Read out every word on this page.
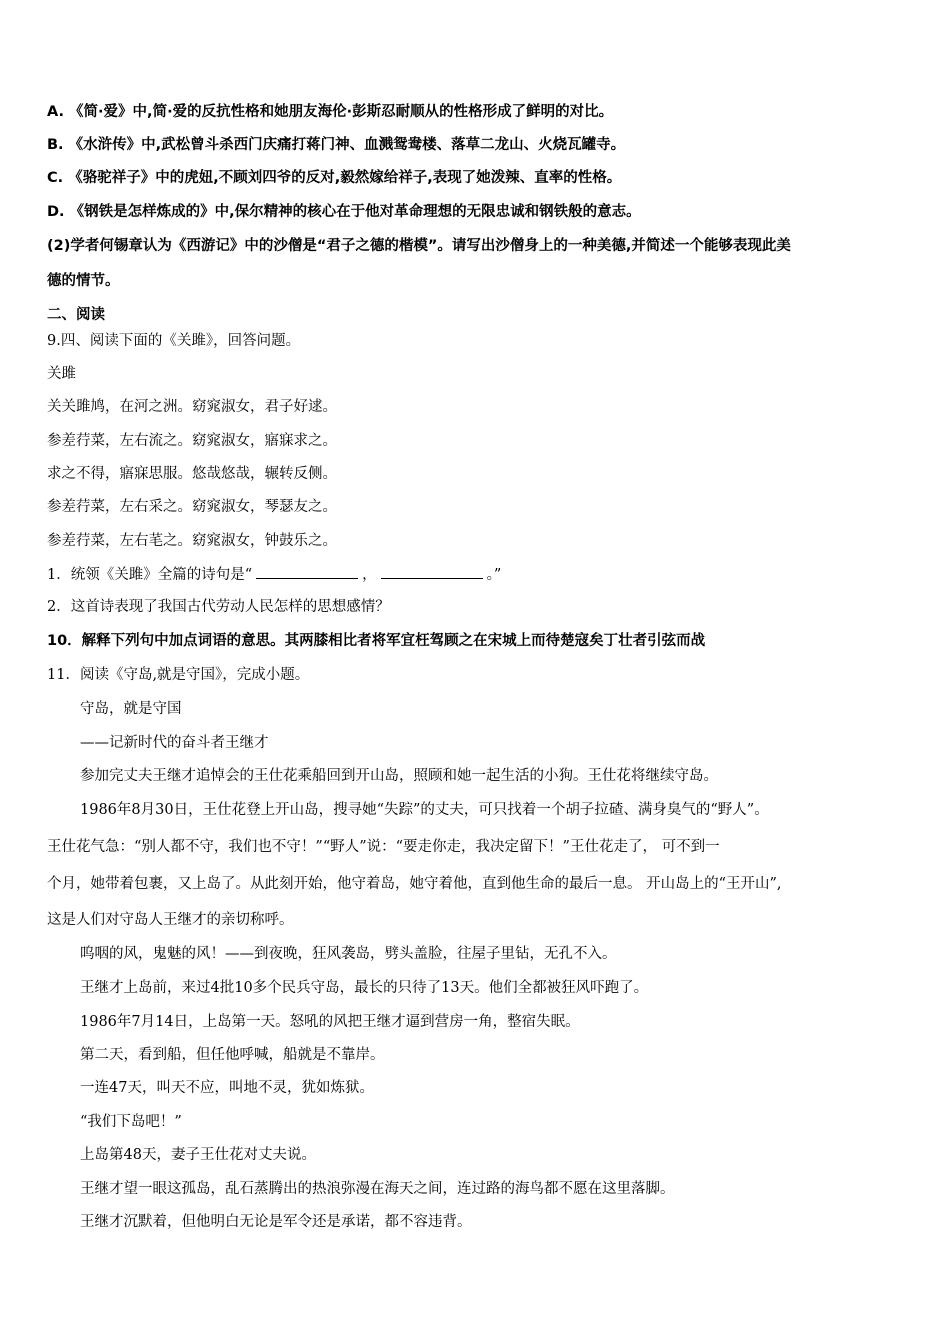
A. 《简·爱》中,简·爱的反抗性格和她朋友海伦·彭斯忍耐顺从的性格形成了鲜明的对比。
B. 《水浒传》中,武松曾斗杀西门庆痛打蒋门神、血溅鸳鸯楼、落草二龙山、火烧瓦罐寺。
C. 《骆驼祥子》中的虎妞,不顾刘四爷的反对,毅然嫁给祥子,表现了她泼辣、直率的性格。
D. 《钢铁是怎样炼成的》中,保尔精神的核心在于他对革命理想的无限忠诚和钢铁般的意志。
(2)学者何锡章认为《西游记》中的沙僧是“君子之德的楷模”。请写出沙僧身上的一种美德,并简述一个能够表现此美
德的情节。
二、阅读
9.四、阅读下面的《关雎》，回答问题。
关雎
关关雎鸠，在河之洲。窈窕淑女，君子好逑。
参差荇菜，左右流之。窈窕淑女，寤寐求之。
求之不得，寤寐思服。悠哉悠哉，辗转反侧。
参差荇菜，左右采之。窈窕淑女，琴瑟友之。
参差荇菜，左右芼之。窈窕淑女，钟鼓乐之。
1．统领《关雎》全篇的诗句是“	，	。”
2．这首诗表现了我国古代劳动人民怎样的思想感情？
10．解释下列句中加点词语的意思。其两膝相比者将军宜枉驾顾之在宋城上而待楚寇矣丁壮者引弦而战
11．阅读《守岛,就是守国》，完成小题。
守岛，就是守国
——记新时代的奋斗者王继才
参加完丈夫王继才追悼会的王仕花乘船回到开山岛，照顾和她一起生活的小狗。王仕花将继续守岛。
1986年8月30日，王仕花登上开山岛，搜寻她“失踪”的丈夫，可只找着一个胡子拉碴、满身臭气的“野人”。
王仕花气急：“别人都不守，我们也不守！”“野人”说：“要走你走，我决定留下！”王仕花走了， 可不到一
个月，她带着包裹，又上岛了。从此刻开始，他守着岛，她守着他，直到他生命的最后一息。 开山岛上的“王开山”,
这是人们对守岛人王继才的亲切称呼。
呜咽的风，鬼魅的风！——到夜晚，狂风袭岛，劈头盖脸，往屋子里钻，无孔不入。
王继才上岛前，来过4批10多个民兵守岛，最长的只待了13天。他们全都被狂风吓跑了。
1986年7月14日，上岛第一天。怒吼的风把王继才逼到营房一角，整宿失眠。
第二天，看到船，但任他呼喊，船就是不靠岸。
一连47天，叫天不应，叫地不灵，犹如炼狱。
“我们下岛吧！”
上岛第48天，妻子王仕花对丈夫说。
王继才望一眼这孤岛，乱石蒸腾出的热浪弥漫在海天之间，连过路的海鸟都不愿在这里落脚。
王继才沉默着，但他明白无论是军令还是承诺，都不容违背。
